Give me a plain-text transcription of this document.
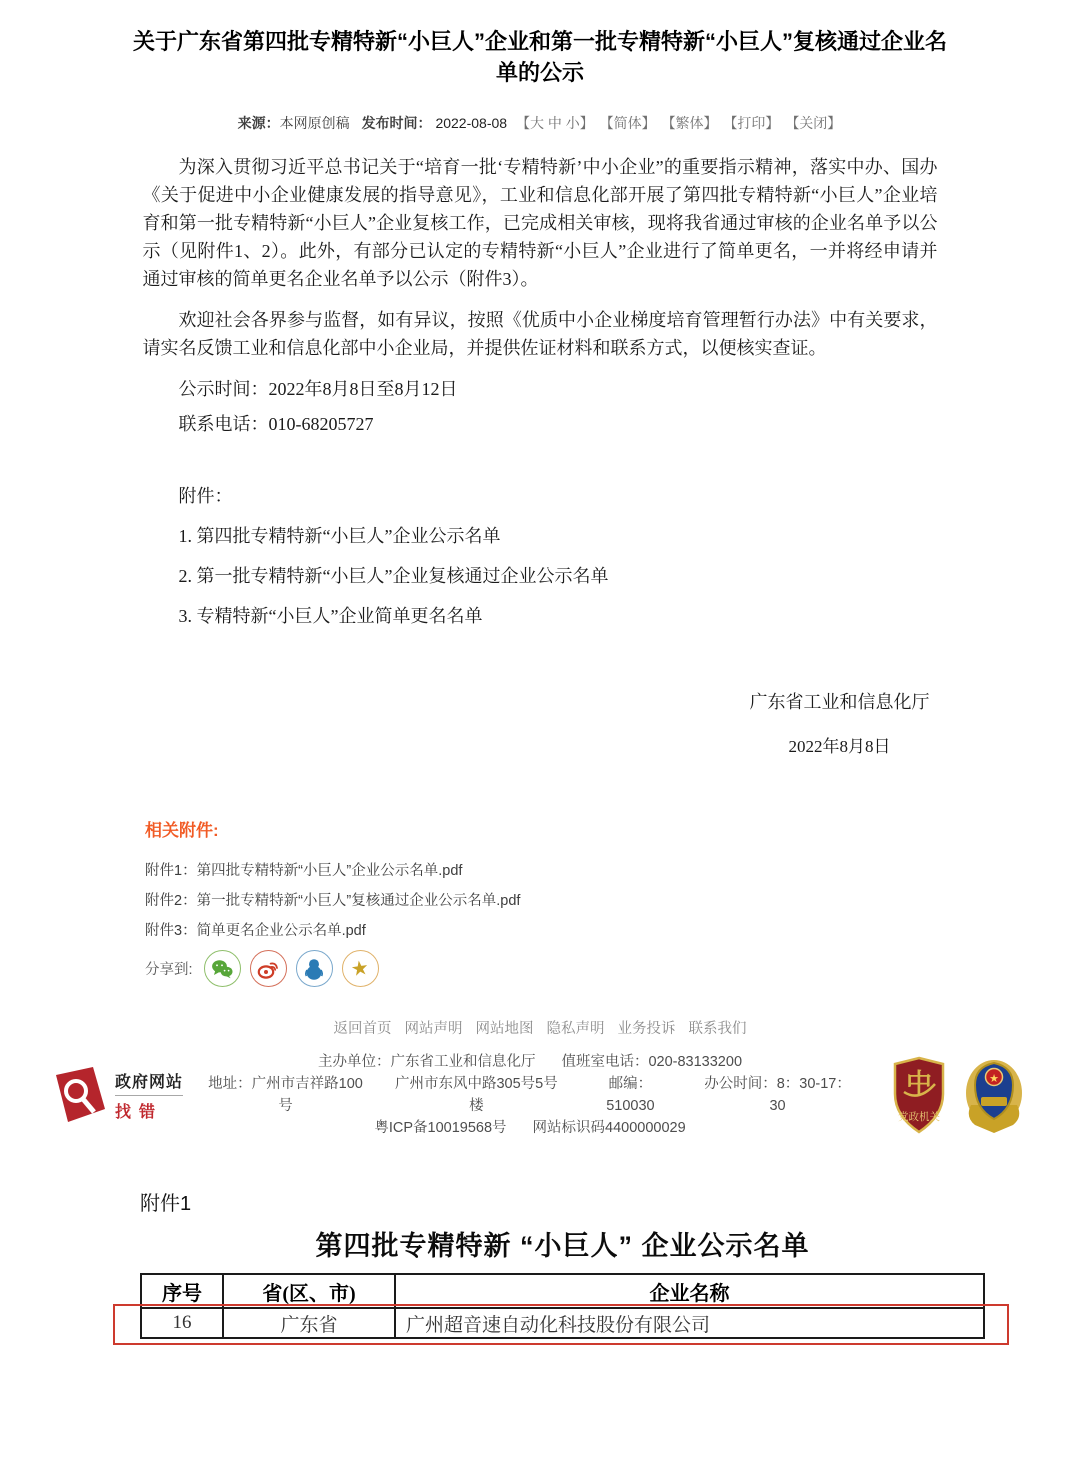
关于广东省第四批专精特新“小巨人”企业和第一批专精特新“小巨人”复核通过企业名单的公示
来源：本网原创稿 发布时间： 2022-08-08 【大 中 小】 【简体】 【繁体】 【打印】 【关闭】

为深入贯彻习近平总书记关于“培育一批‘专精特新’中小企业”的重要指示精神，落实中办、国办《关于促进中小企业健康发展的指导意见》，工业和信息化部开展了第四批专精特新“小巨人”企业培育和第一批专精特新“小巨人”企业复核工作，已完成相关审核，现将我省通过审核的企业名单予以公示（见附件1、2）。此外，有部分已认定的专精特新“小巨人”企业进行了简单更名，一并将经申请并通过审核的简单更名企业名单予以公示（附件3）。

欢迎社会各界参与监督，如有异议，按照《优质中小企业梯度培育管理暂行办法》中有关要求，请实名反馈工业和信息化部中小企业局，并提供佐证材料和联系方式，以便核实查证。

公示时间：2022年8月8日至8月12日

联系电话：010-68205727

附件：

1. 第四批专精特新“小巨人”企业公示名单

2. 第一批专精特新“小巨人”企业复核通过企业公示名单

3. 专精特新“小巨人”企业简单更名名单

广东省工业和信息化厅
2022年8月8日
相关附件:
附件1：第四批专精特新“小巨人”企业公示名单.pdf
附件2：第一批专精特新“小巨人”复核通过企业公示名单.pdf
附件3：简单更名企业公示名单.pdf
分享到:	★
返回首页 网站声明 网站地图 隐私声明 业务投诉 联系我们
政府网站
找错
主办单位：广东省工业和信息化厅 值班室电话：020-83133200
地址：广州市吉祥路100号
广州市东风中路305号5号楼
邮编：510030
办公时间：8：30-17：30
粤ICP备10019568号 网站标识码4400000029
中
党政机关
★
附件1
第四批专精特新 “小巨人” 企业公示名单
序号	省(区、市)	企业名称
16	广东省	广州超音速自动化科技股份有限公司
